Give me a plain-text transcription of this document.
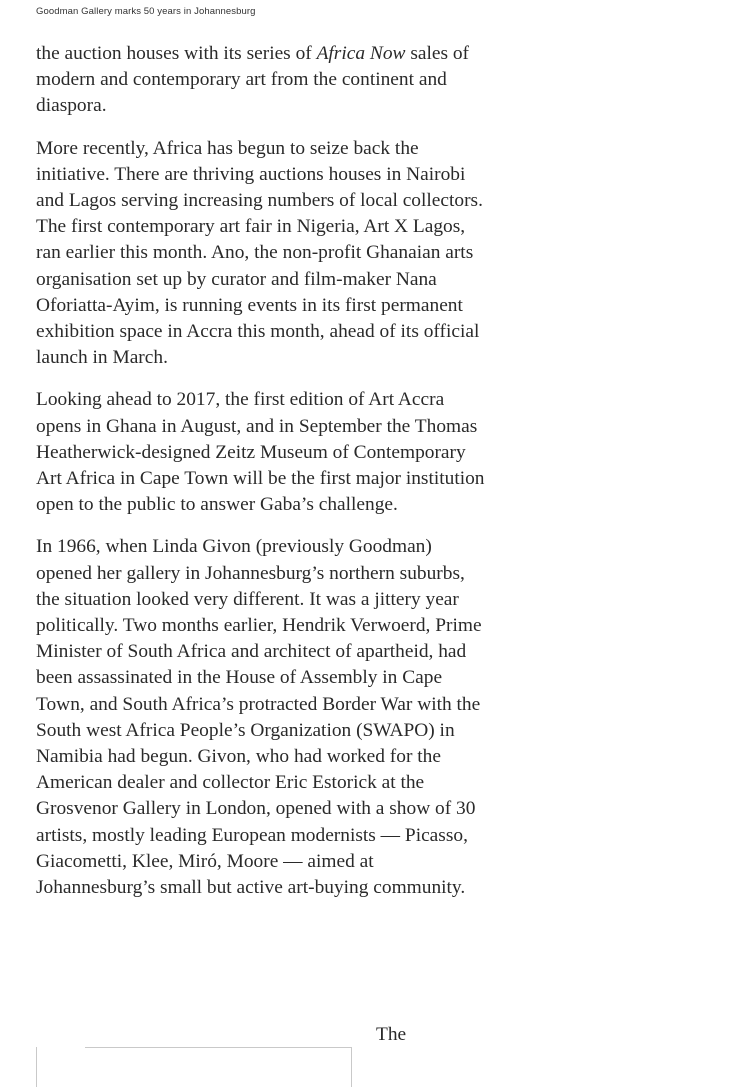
Goodman Gallery marks 50 years in Johannesburg

the auction houses with its series of Africa Now sales of modern and contemporary art from the continent and diaspora.

More recently, Africa has begun to seize back the initiative. There are thriving auctions houses in Nairobi and Lagos serving increasing numbers of local collectors. The first contemporary art fair in Nigeria, Art X Lagos, ran earlier this month. Ano, the non-profit Ghanaian arts organisation set up by curator and film-maker Nana Oforiatta-Ayim, is running events in its first permanent exhibition space in Accra this month, ahead of its official launch in March.

Looking ahead to 2017, the first edition of Art Accra opens in Ghana in August, and in September the Thomas Heatherwick-designed Zeitz Museum of Contemporary Art Africa in Cape Town will be the first major institution open to the public to answer Gaba’s challenge.

In 1966, when Linda Givon (previously Goodman) opened her gallery in Johannesburg’s northern suburbs, the situation looked very different. It was a jittery year politically. Two months earlier, Hendrik Verwoerd, Prime Minister of South Africa and architect of apartheid, had been assassinated in the House of Assembly in Cape Town, and South Africa’s protracted Border War with the South west Africa People’s Organization (SWAPO) in Namibia had begun. Givon, who had worked for the American dealer and collector Eric Estorick at the Grosvenor Gallery in London, opened with a show of 30 artists, mostly leading European modernists — Picasso, Giacometti, Klee, Miró, Moore — aimed at Johannesburg’s small but active art-buying community.

The
